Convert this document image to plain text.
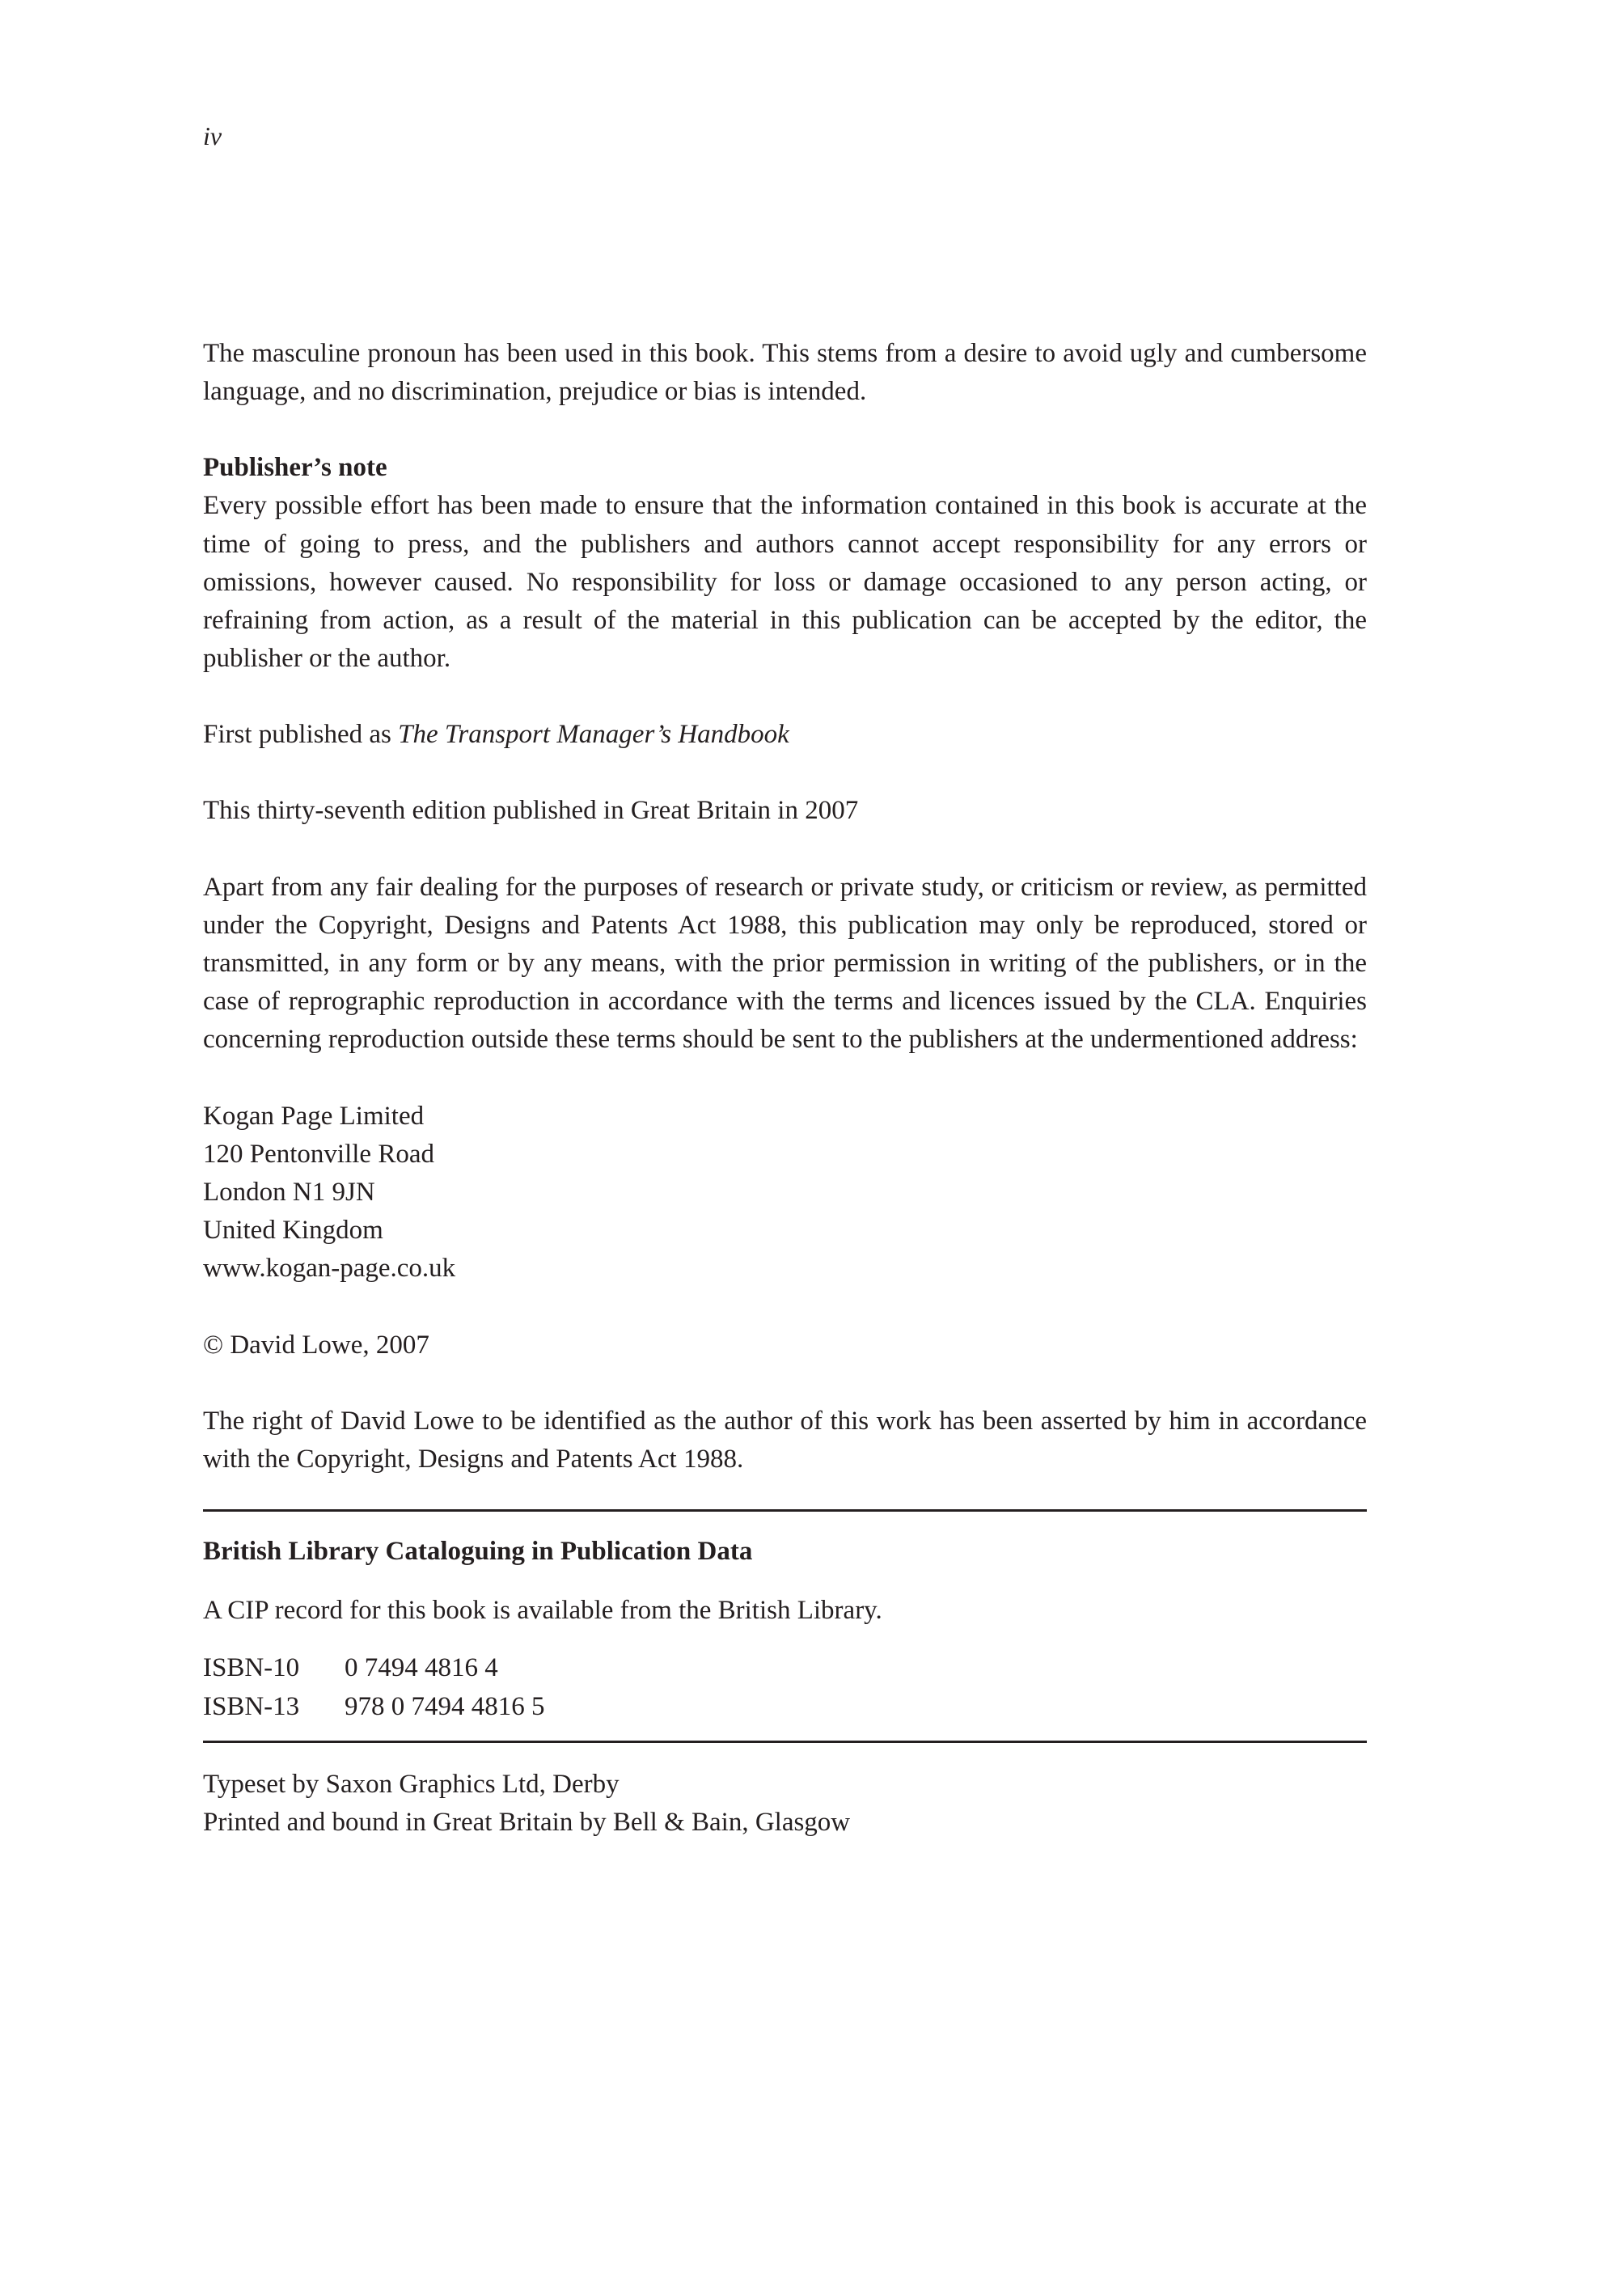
iv

The masculine pronoun has been used in this book. This stems from a desire to avoid ugly and cumbersome language, and no discrimination, prejudice or bias is intended.

Publisher’s note
Every possible effort has been made to ensure that the information contained in this book is accurate at the time of going to press, and the publishers and authors cannot accept responsibility for any errors or omissions, however caused. No responsibility for loss or damage occasioned to any person acting, or refraining from action, as a result of the material in this publication can be accepted by the editor, the publisher or the author.
First published as The Transport Manager’s Handbook
This thirty-seventh edition published in Great Britain in 2007

Apart from any fair dealing for the purposes of research or private study, or criticism or review, as permitted under the Copyright, Designs and Patents Act 1988, this publication may only be reproduced, stored or transmitted, in any form or by any means, with the prior permission in writing of the publishers, or in the case of reprographic reproduction in accordance with the terms and licences issued by the CLA. Enquiries concerning reproduction outside these terms should be sent to the publishers at the undermentioned address:

Kogan Page Limited
120 Pentonville Road
London N1 9JN
United Kingdom
www.kogan-page.co.uk
© David Lowe, 2007

The right of David Lowe to be identified as the author of this work has been asserted by him in accordance with the Copyright, Designs and Patents Act 1988.

British Library Cataloguing in Publication Data
A CIP record for this book is available from the British Library.
ISBN-10 0 7494 4816 4
ISBN-13 978 0 7494 4816 5
Typeset by Saxon Graphics Ltd, Derby
Printed and bound in Great Britain by Bell & Bain, Glasgow
